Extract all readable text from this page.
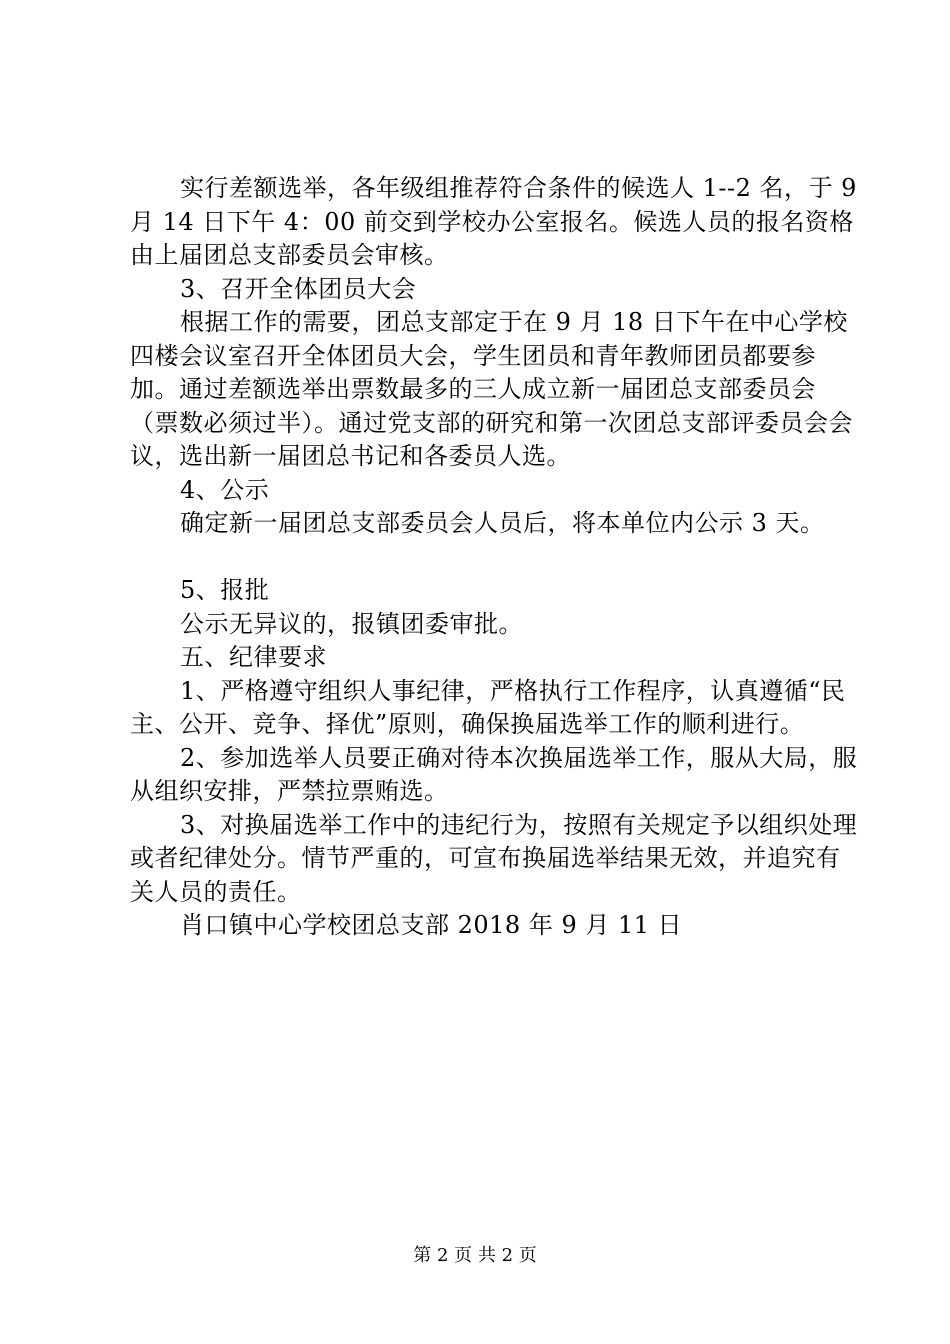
实行差额选举，各年级组推荐符合条件的候选人 1--2 名，于 9 月 14 日下午 4：00 前交到学校办公室报名。候选人员的报名资格由上届团总支部委员会审核。

3、召开全体团员大会

根据工作的需要，团总支部定于在 9 月 18 日下午在中心学校四楼会议室召开全体团员大会，学生团员和青年教师团员都要参加。通过差额选举出票数最多的三人成立新一届团总支部委员会（票数必须过半）。通过党支部的研究和第一次团总支部评委员会会议，选出新一届团总书记和各委员人选。

4、公示

确定新一届团总支部委员会人员后，将本单位内公示 3 天。

5、报批

公示无异议的，报镇团委审批。

五、纪律要求

1、严格遵守组织人事纪律，严格执行工作程序，认真遵循“民主、公开、竞争、择优”原则，确保换届选举工作的顺利进行。

2、参加选举人员要正确对待本次换届选举工作，服从大局，服从组织安排，严禁拉票贿选。

3、对换届选举工作中的违纪行为，按照有关规定予以组织处理或者纪律处分。情节严重的，可宣布换届选举结果无效，并追究有关人员的责任。

肖口镇中心学校团总支部 2018 年 9 月 11 日

第 2 页 共 2 页
